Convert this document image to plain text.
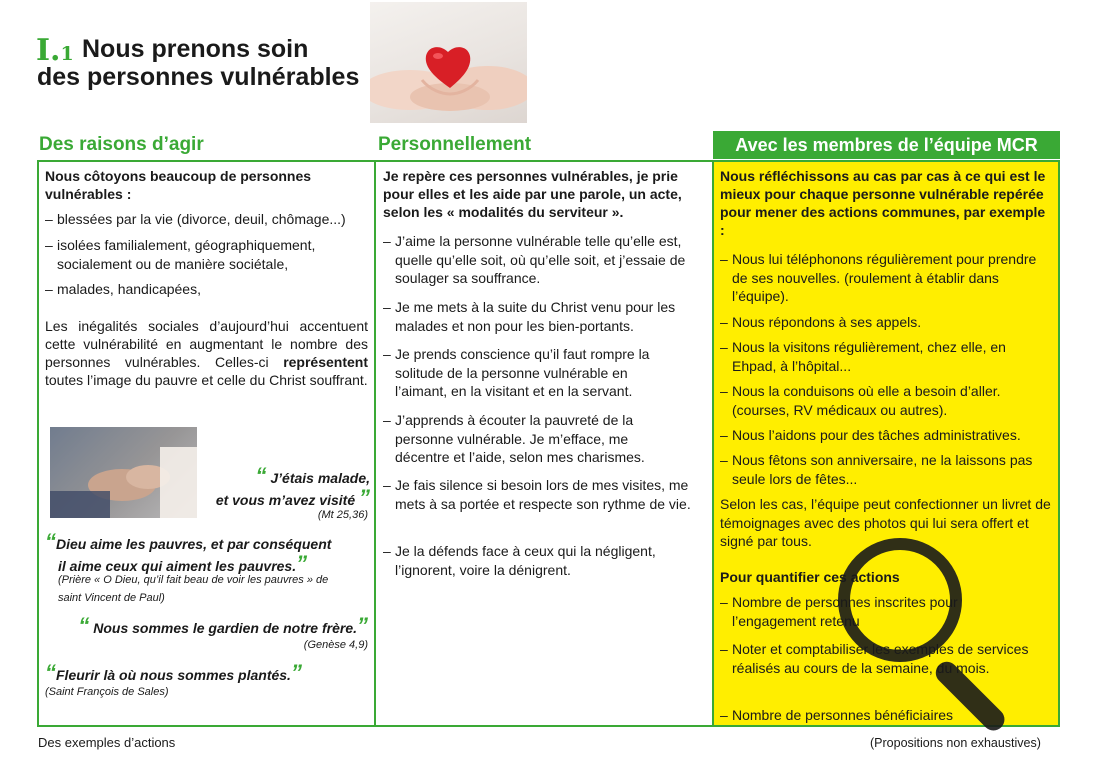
I.1 Nous prenons soin
des personnes vulnérables
Des raisons d’agir	Personnellement	Avec les membres de l’équipe MCR
Nous côtoyons beaucoup de personnes vulnérables :
– blessées par la vie (divorce, deuil, chômage...)
– isolées familialement, géographiquement, socialement ou de manière sociétale,
– malades, handicapées,
Les inégalités sociales d’aujourd’hui accentuent cette vulnérabilité en augmentant le nombre des personnes vulnérables. Celles-ci représentent toutes l’image du pauvre et celle du Christ souffrant.
“ J’étais malade,
et vous m’avez visité ”
(Mt 25,36)
“Dieu aime les pauvres, et par conséquent
il aime ceux qui aiment les pauvres.”
(Prière « O Dieu, qu’il fait beau de voir les pauvres » de
saint Vincent de Paul)
“ Nous sommes le gardien de notre frère.”
(Genèse 4,9)
“Fleurir là où nous sommes plantés.”
(Saint François de Sales)
Je repère ces personnes vulnérables, je prie pour elles et les aide par une parole, un acte, selon les « modalités du serviteur ».
– J’aime la personne vulnérable telle qu’elle est, quelle qu’elle soit, où qu’elle soit, et j’essaie de soulager sa souffrance.
– Je me mets à la suite du Christ venu pour les malades et non pour les bien-portants.
– Je prends conscience qu’il faut rompre la solitude de la personne vulnérable en l’aimant, en la visitant et en la servant.
– J’apprends à écouter la pauvreté de la personne vulnérable. Je m’efface, me décentre et l’aide, selon mes charismes.
– Je fais silence si besoin lors de mes visites, me mets à sa portée et respecte son rythme de vie.
– Je la défends face à ceux qui la négligent, l’ignorent, voire la dénigrent.
Nous réfléchissons au cas par cas à ce qui est le mieux pour chaque personne vulnérable repérée pour mener des actions communes, par exemple :
– Nous lui téléphonons régulièrement pour prendre de ses nouvelles. (roulement à établir dans l’équipe).
– Nous répondons à ses appels.
– Nous la visitons régulièrement, chez elle, en Ehpad, à l’hôpital...
– Nous la conduisons où elle a besoin d’aller. (courses, RV médicaux ou autres).
– Nous l’aidons pour des tâches administratives.
– Nous fêtons son anniversaire, ne la laissons pas seule lors de fêtes...
Selon les cas, l’équipe peut confectionner un livret de témoignages avec des photos qui lui sera offert et signé par tous.
Pour quantifier ces actions
– Nombre de personnes inscrites pour l’engagement retenu
– Noter et comptabiliser les exemples de services réalisés au cours de la semaine, du mois.
– Nombre de personnes bénéficiaires
Des exemples d’actions	(Propositions non exhaustives)
